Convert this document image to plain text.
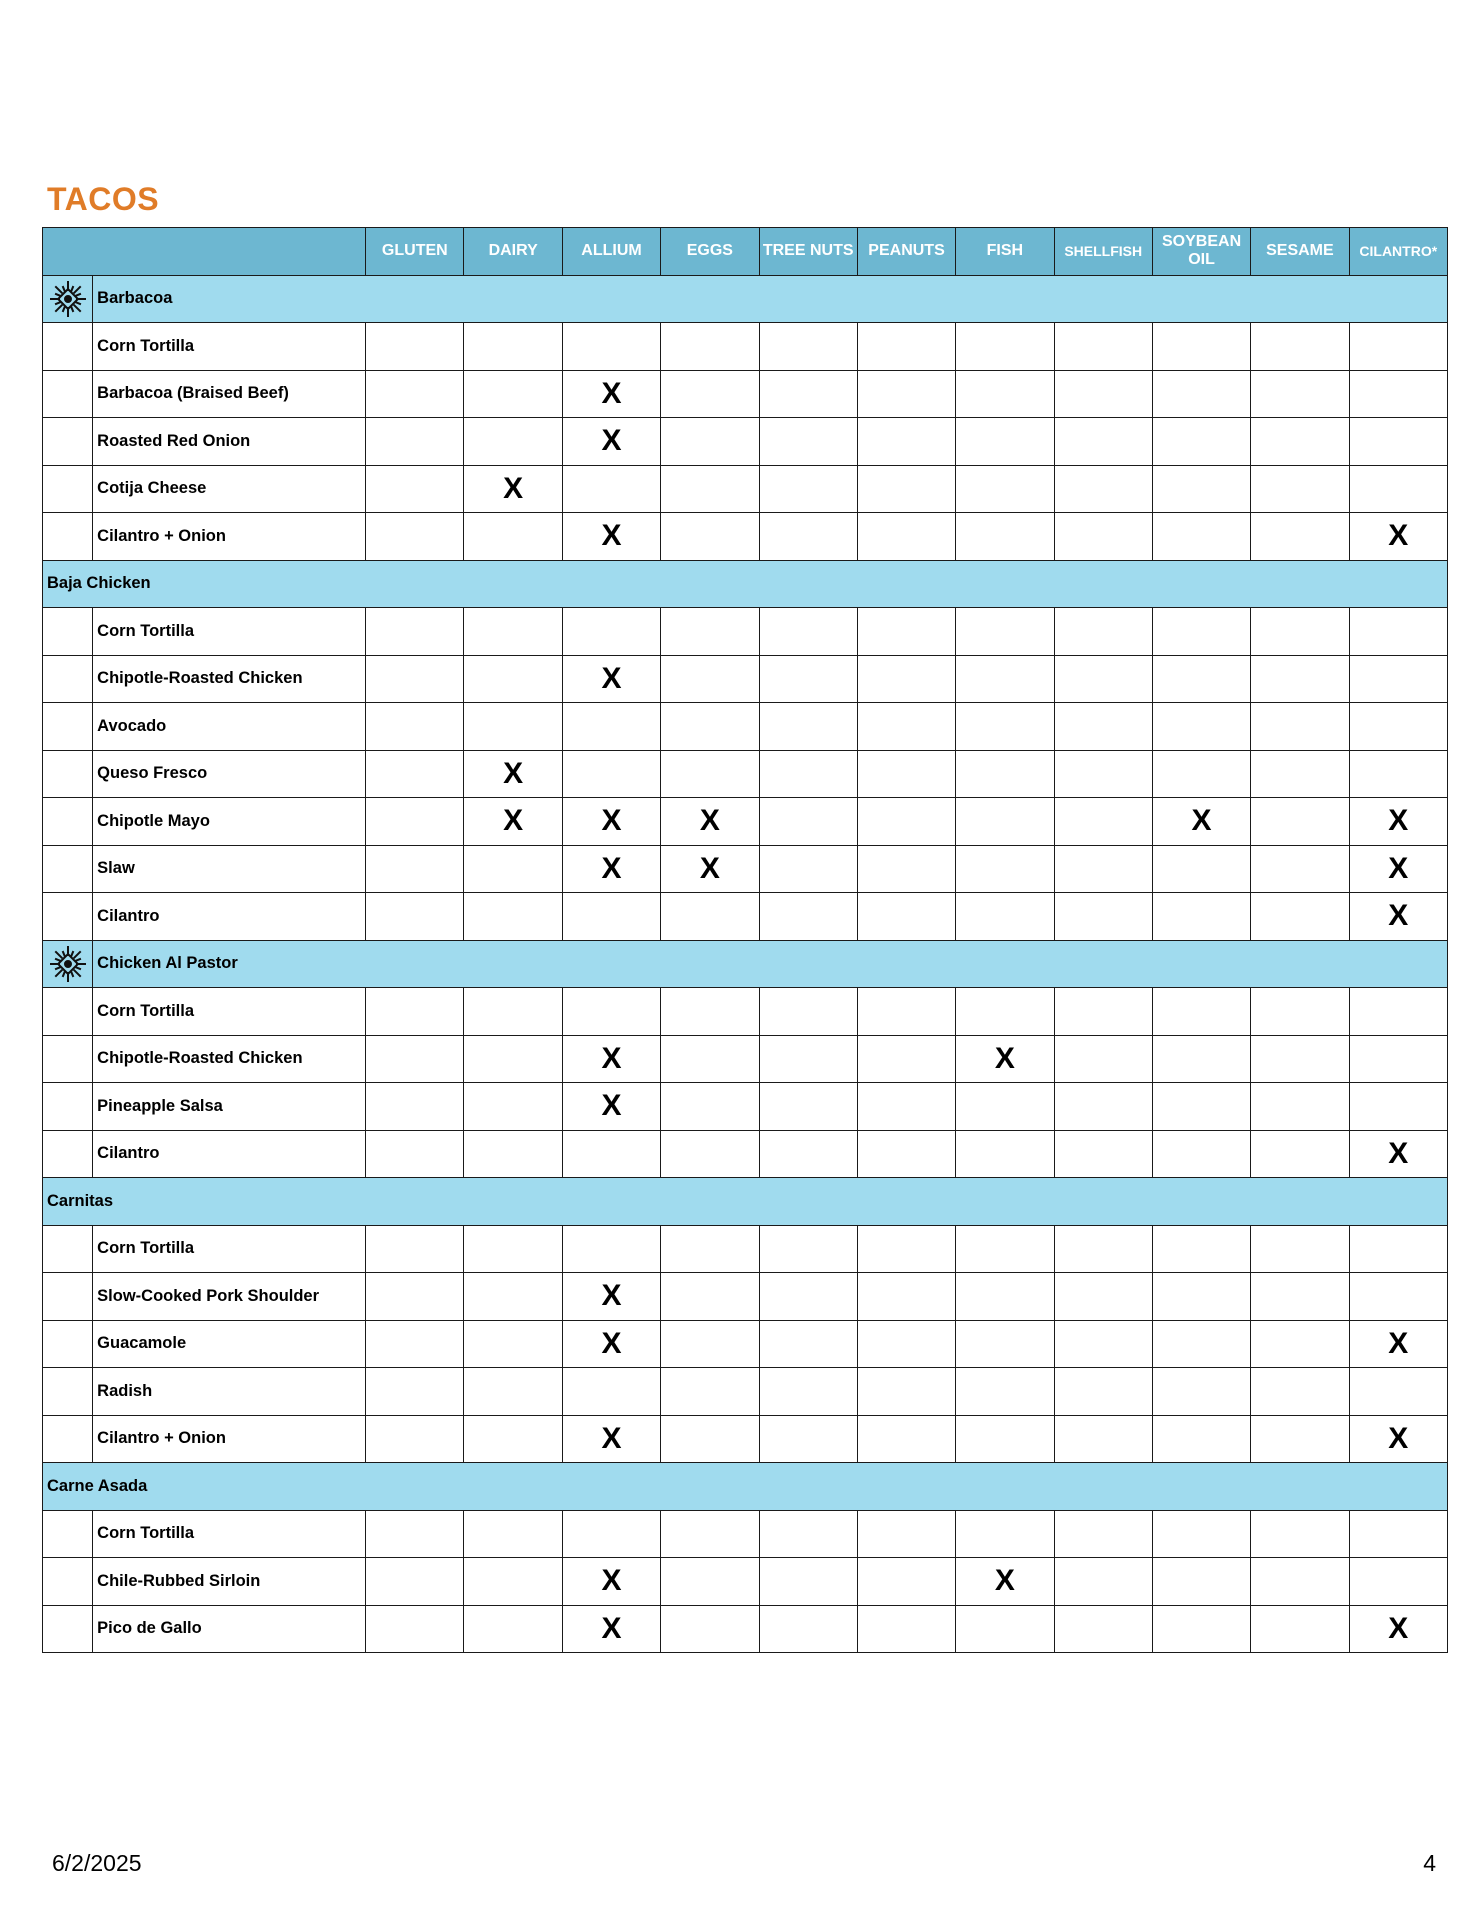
TACOS
		GLUTEN	DAIRY	ALLIUM	EGGS	TREE NUTS	PEANUTS	FISH	SHELLFISH	SOYBEAN OIL	SESAME	CILANTRO*

	Barbacoa											
	Corn Tortilla											
	Barbacoa (Braised Beef)			X								
	Roasted Red Onion			X								
	Cotija Cheese		X									
	Cilantro + Onion			X								X
Baja Chicken												
	Corn Tortilla											
	Chipotle-Roasted Chicken			X								
	Avocado											
	Queso Fresco		X									
	Chipotle Mayo		X	X	X					X		X
	Slaw			X	X							X
	Cilantro											X

	Chicken Al Pastor											
	Corn Tortilla											
	Chipotle-Roasted Chicken			X				X				
	Pineapple Salsa			X								
	Cilantro											X
Carnitas												
	Corn Tortilla											
	Slow-Cooked Pork Shoulder			X								
	Guacamole			X								X
	Radish											
	Cilantro + Onion			X								X
Carne Asada												
	Corn Tortilla											
	Chile-Rubbed Sirloin			X				X				
	Pico de Gallo			X								X
6/2/2025	4
